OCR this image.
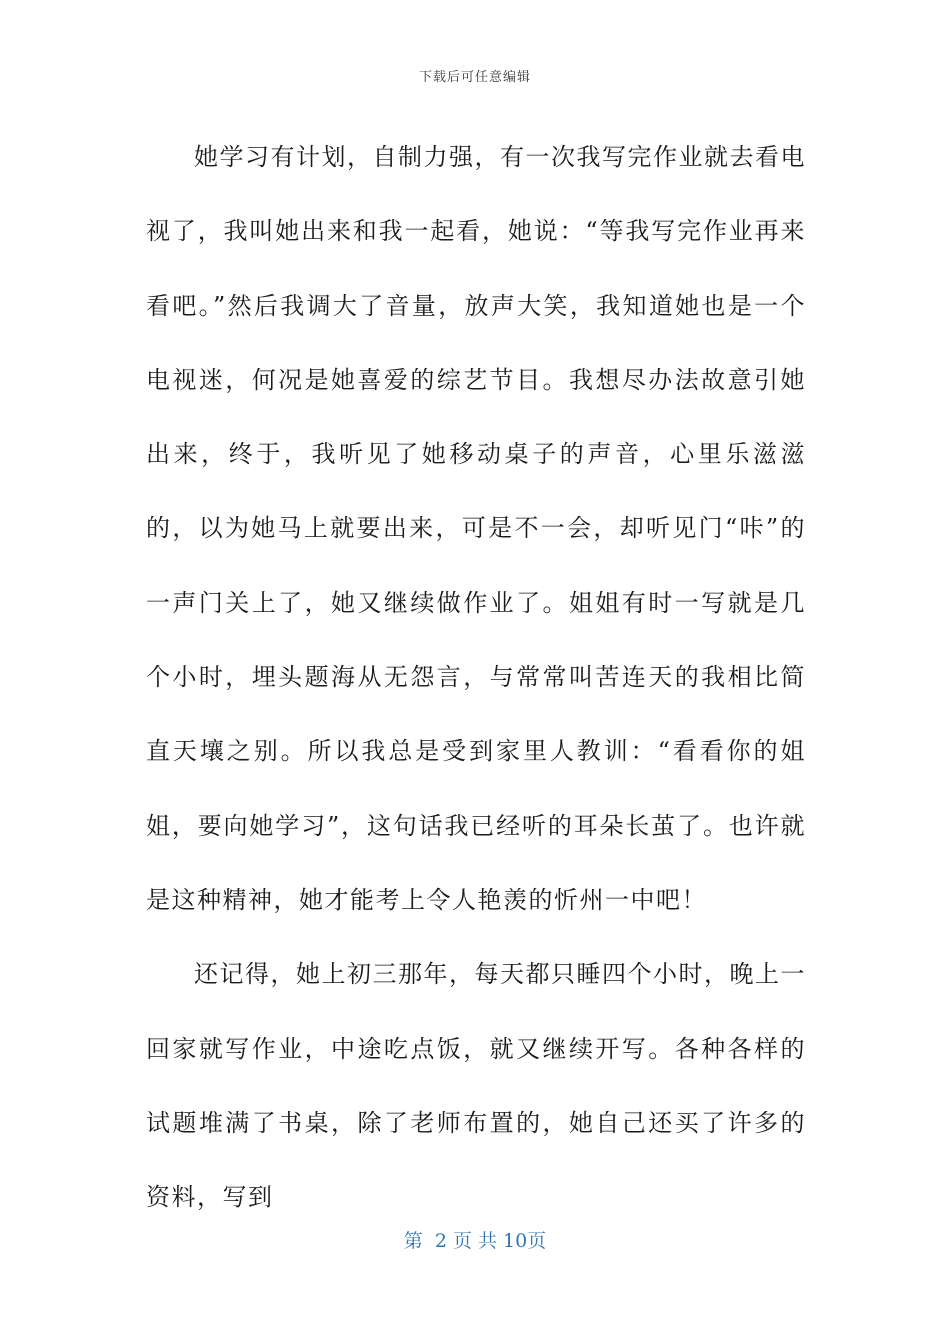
下载后可任意编辑

她学习有计划，自制力强，有一次我写完作业就去看电视了，我叫她出来和我一起看，她说：“等我写完作业再来看吧。”然后我调大了音量，放声大笑，我知道她也是一个电视迷，何况是她喜爱的综艺节目。我想尽办法故意引她出来，终于，我听见了她移动桌子的声音，心里乐滋滋的，以为她马上就要出来，可是不一会，却听见门“咔”的一声门关上了，她又继续做作业了。姐姐有时一写就是几个小时，埋头题海从无怨言，与常常叫苦连天的我相比简直天壤之别。所以我总是受到家里人教训：“看看你的姐姐，要向她学习”，这句话我已经听的耳朵长茧了。也许就是这种精神，她才能考上令人艳羡的忻州一中吧！

还记得，她上初三那年，每天都只睡四个小时，晚上一回家就写作业，中途吃点饭，就又继续开写。各种各样的试题堆满了书桌，除了老师布置的，她自己还买了许多的资料，写到

第  2 页 共 10页
